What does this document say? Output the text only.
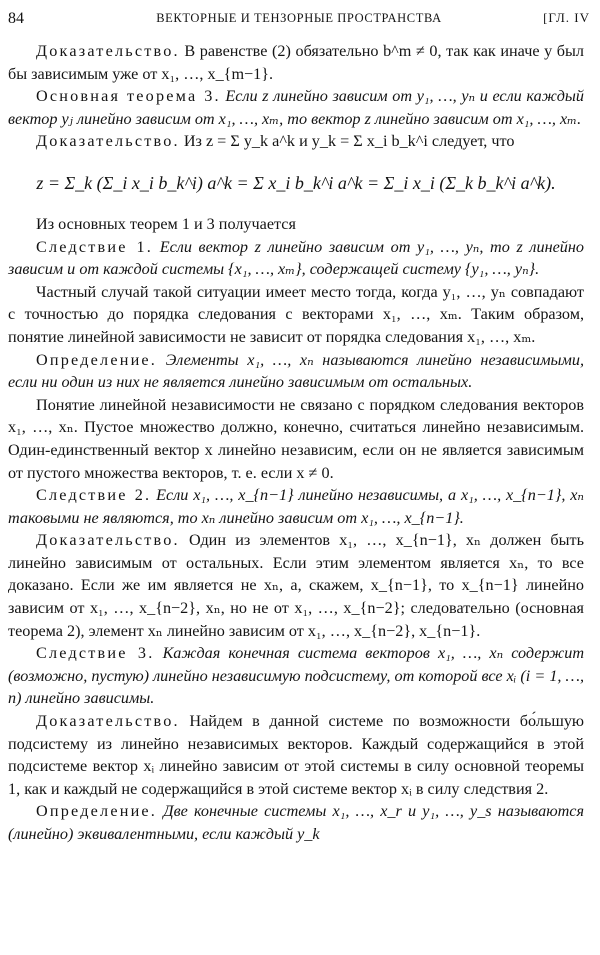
84	ВЕКТОРНЫЕ И ТЕНЗОРНЫЕ ПРОСТРАНСТВА	[ГЛ. IV

Доказательство. В равенстве (2) обязательно b^m ≠ 0, так как иначе y был бы зависимым уже от x₁, …, x_{m−1}.

Основная теорема 3. Если z линейно зависим от y₁, …, yₙ и если каждый вектор yⱼ линейно зависим от x₁, …, xₘ, то вектор z линейно зависим от x₁, …, xₘ.

Доказательство. Из z = Σ y_k a^k и y_k = Σ x_i b_k^i следует, что

z = Σ_k (Σ_i x_i b_k^i) a^k = Σ x_i b_k^i a^k = Σ_i x_i (Σ_k b_k^i a^k).

Из основных теорем 1 и 3 получается

Следствие 1. Если вектор z линейно зависим от y₁, …, yₙ, то z линейно зависим и от каждой системы {x₁, …, xₘ}, содержащей систему {y₁, …, yₙ}.

Частный случай такой ситуации имеет место тогда, когда y₁, …, yₙ совпадают с точностью до порядка следования с векторами x₁, …, xₘ. Таким образом, понятие линейной зависимости не зависит от порядка следования x₁, …, xₘ.

Определение. Элементы x₁, …, xₙ называются линейно независимыми, если ни один из них не является линейно зависимым от остальных.

Понятие линейной независимости не связано с порядком следования векторов x₁, …, xₙ. Пустое множество должно, конечно, считаться линейно независимым. Один-единственный вектор x линейно независим, если он не является зависимым от пустого множества векторов, т. е. если x ≠ 0.

Следствие 2. Если x₁, …, x_{n−1} линейно независимы, а x₁, …, x_{n−1}, xₙ таковыми не являются, то xₙ линейно зависим от x₁, …, x_{n−1}.

Доказательство. Один из элементов x₁, …, x_{n−1}, xₙ должен быть линейно зависимым от остальных. Если этим элементом является xₙ, то все доказано. Если же им является не xₙ, а, скажем, x_{n−1}, то x_{n−1} линейно зависим от x₁, …, x_{n−2}, xₙ, но не от x₁, …, x_{n−2}; следовательно (основная теорема 2), элемент xₙ линейно зависим от x₁, …, x_{n−2}, x_{n−1}.

Следствие 3. Каждая конечная система векторов x₁, …, xₙ содержит (возможно, пустую) линейно независимую подсистему, от которой все xᵢ (i = 1, …, n) линейно зависимы.

Доказательство. Найдем в данной системе по возможности бо́льшую подсистему из линейно независимых векторов. Каждый содержащийся в этой подсистеме вектор xᵢ линейно зависим от этой системы в силу основной теоремы 1, как и каждый не содержащийся в этой системе вектор xᵢ в силу следствия 2.

Определение. Две конечные системы x₁, …, x_r и y₁, …, y_s называются (линейно) эквивалентными, если каждый y_k
